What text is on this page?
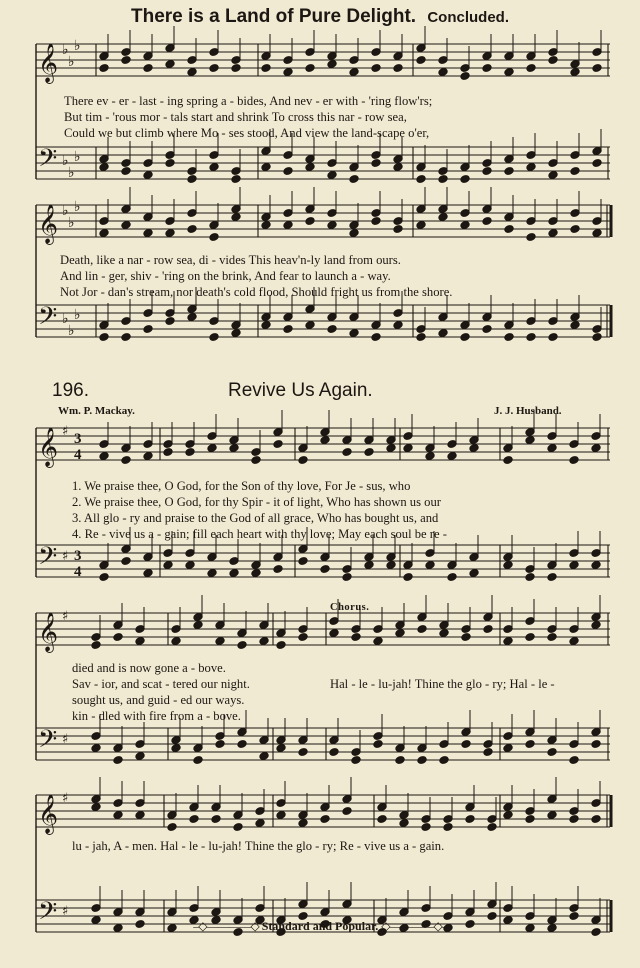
There is a Land of Pure Delight. Concluded.
196.	Revive Us Again.
Wm. P. Mackay.	J. J. Husband.
Chorus.
𝄞
𝄢
♭
♭
♭
♭
♭
♭
𝄞
𝄢
♭
♭
♭
♭
♭
♭
𝄞
𝄢
♯
♯
3
4
3
4
𝄞
𝄢
♯
♯
𝄞
𝄢
♯
♯
There ev - er - last - ing spring a - bides, And nev - er with - 'ring flow'rs;
But tim - 'rous mor - tals start and shrink To cross this nar - row sea,
Could we but climb where Mo - ses stood, And view the land-scape o'er,
Death, like a nar - row sea, di - vides This heav'n-ly land from ours.
And lin - ger, shiv - 'ring on the brink, And fear to launch a - way.
Not Jor - dan's stream, nor death's cold flood, Should fright us from the shore.
1. We praise thee, O God, for the Son of thy love, For Je - sus, who
2. We praise thee, O God, for thy Spir - it of light, Who has shown us our
3. All glo - ry and praise to the God of all grace, Who has bought us, and
4. Re - vive us a - gain; fill each heart with thy love; May each soul be re -
died and is now gone a - bove.
Sav - ior, and scat - tered our night.
sought us, and guid - ed our ways.
kin - dled with fire from a - bove.
Hal - le - lu-jah! Thine the glo - ry; Hal - le -
lu - jah, A - men. Hal - le - lu-jah! Thine the glo - ry; Re - vive us a - gain.
–◇————◇ Standard and Popular. ◇————◇–
